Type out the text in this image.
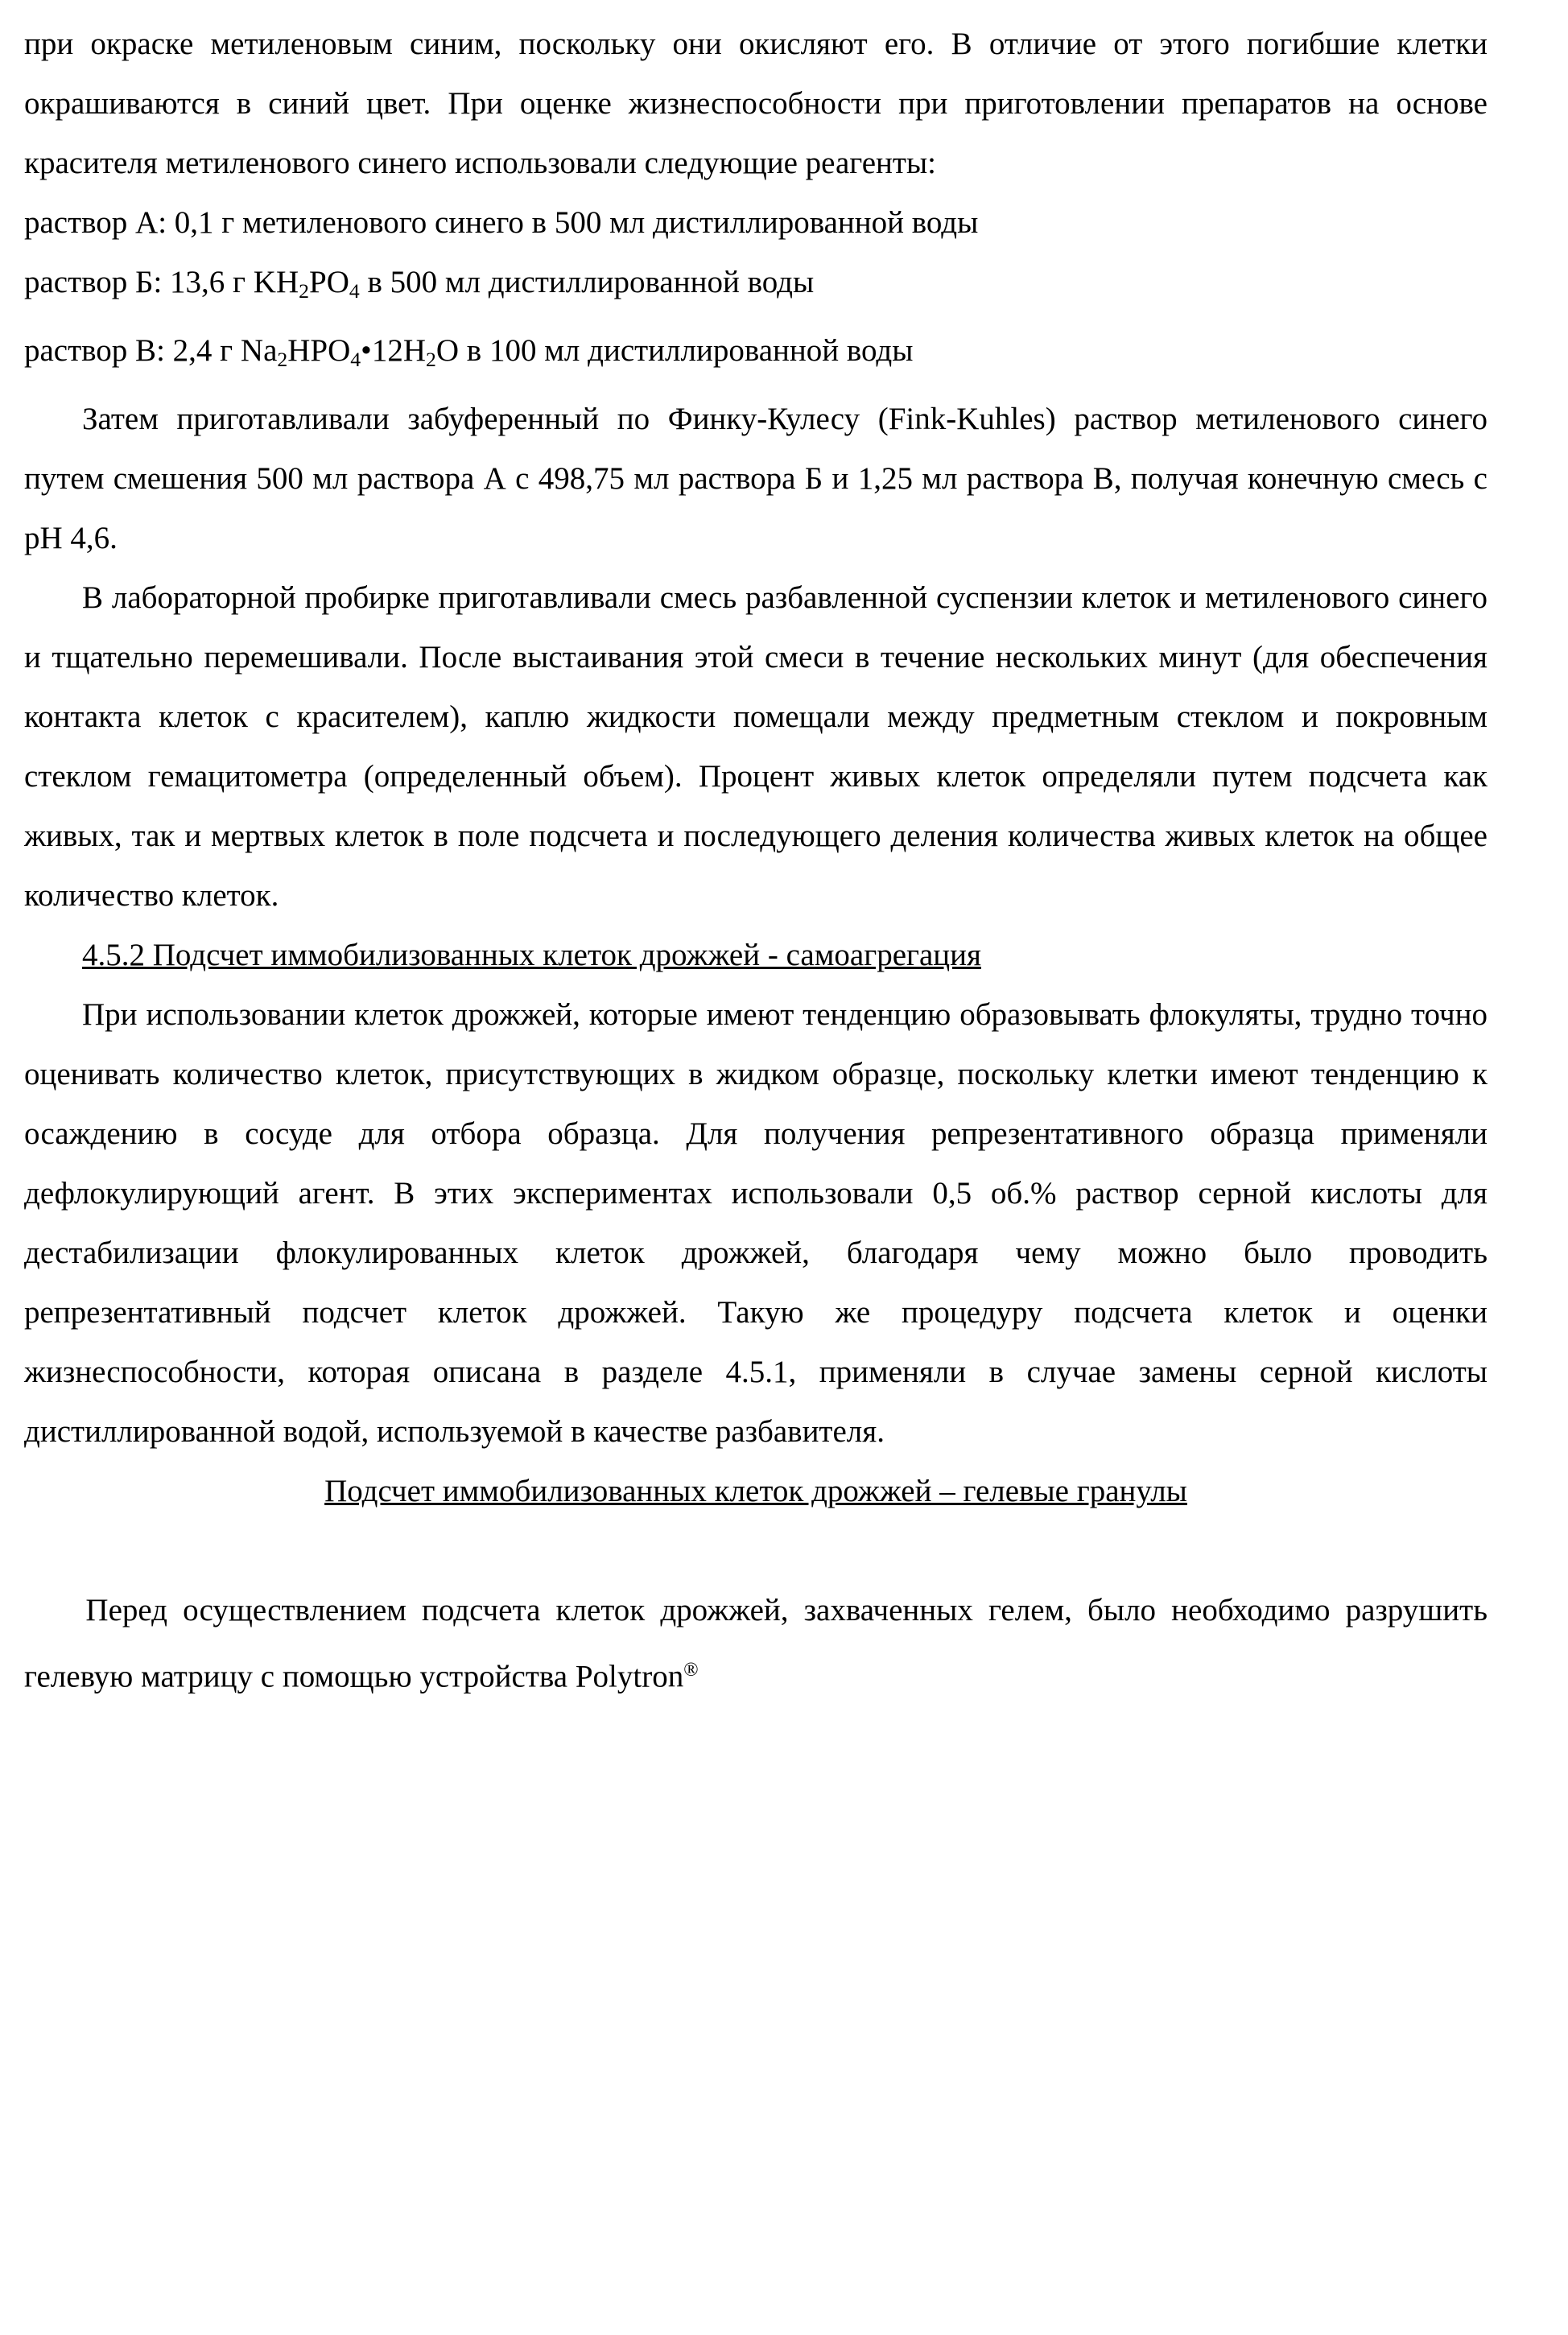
при окраске метиленовым синим, поскольку они окисляют его. В отличие от этого погибшие клетки окрашиваются в синий цвет. При оценке жизнеспособности при приготовлении препаратов на основе красителя метиленового синего использовали следующие реагенты:

раствор А: 0,1 г метиленового синего в 500 мл дистиллированной воды

раствор Б: 13,6 г $KH_2PO_4$ в 500 мл дистиллированной воды

раствор В: 2,4 г $Na_2HPO_4•12H_2O$ в 100 мл дистиллированной воды

Затем приготавливали забуференный по Финку-Кулесу (Fink-Kuhles) раствор метиленового синего путем смешения 500 мл раствора А с 498,75 мл раствора Б и 1,25 мл раствора В, получая конечную смесь с pH 4,6.

В лабораторной пробирке приготавливали смесь разбавленной суспензии клеток и метиленового синего и тщательно перемешивали. После выстаивания этой смеси в течение нескольких минут (для обеспечения контакта клеток с красителем), каплю жидкости помещали между предметным стеклом и покровным стеклом гемацитометра (определенный объем). Процент живых клеток определяли путем подсчета как живых, так и мертвых клеток в поле подсчета и последующего деления количества живых клеток на общее количество клеток.

4.5.2 Подсчет иммобилизованных клеток дрожжей - самоагрегация

При использовании клеток дрожжей, которые имеют тенденцию образовывать флокуляты, трудно точно оценивать количество клеток, присутствующих в жидком образце, поскольку клетки имеют тенденцию к осаждению в сосуде для отбора образца. Для получения репрезентативного образца применяли дефлокулирующий агент. В этих экспериментах использовали 0,5 об.% раствор серной кислоты для дестабилизации флокулированных клеток дрожжей, благодаря чему можно было проводить репрезентативный подсчет клеток дрожжей. Такую же процедуру подсчета клеток и оценки жизнеспособности, которая описана в разделе 4.5.1, применяли в случае замены серной кислоты дистиллированной водой, используемой в качестве разбавителя.

Подсчет иммобилизованных клеток дрожжей – гелевые гранулы

Перед осуществлением подсчета клеток дрожжей, захваченных гелем, было необходимо разрушить гелевую матрицу с помощью устройства Polytron®
